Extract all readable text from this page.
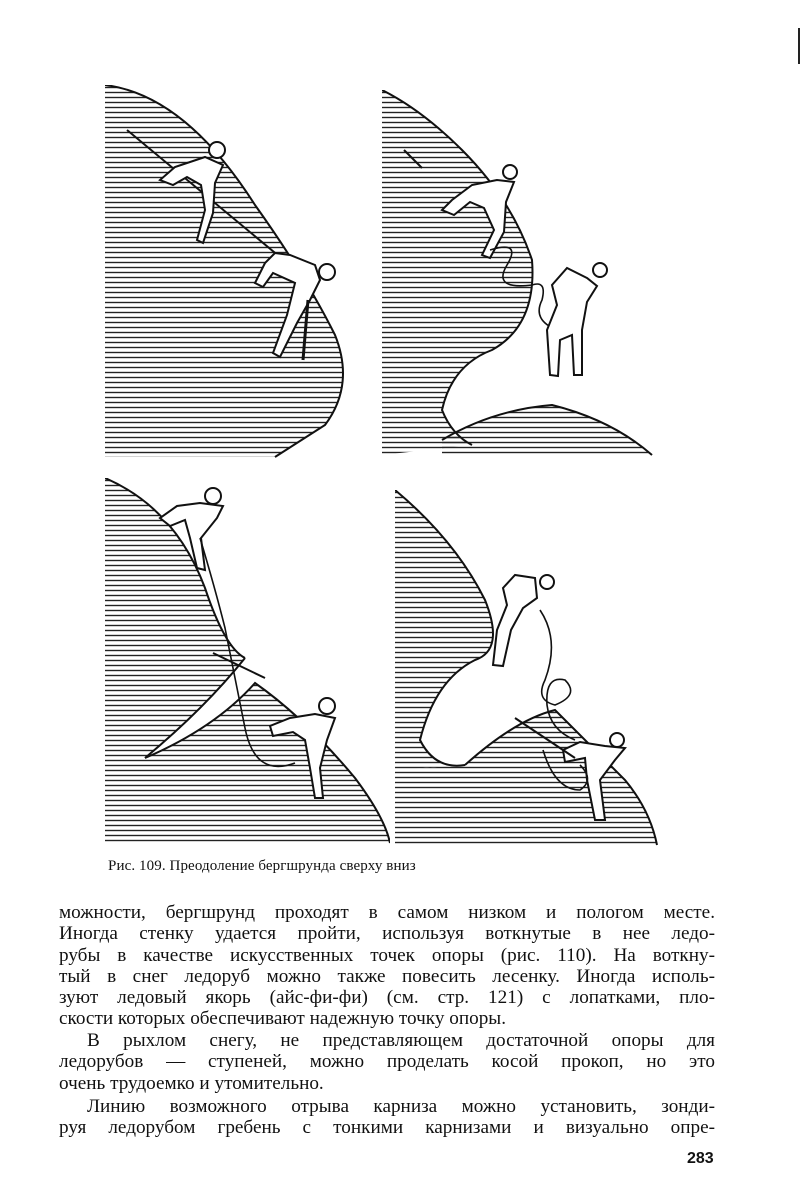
Рис. 109. Преодоление бергшрунда сверху вниз
можности, бергшрунд проходят в самом низком и пологом месте.
Иногда стенку удается пройти, используя воткнутые в нее ледо-
рубы в качестве искусственных точек опоры (рис. 110). На воткну-
тый в снег ледоруб можно также повесить лесенку. Иногда исполь-
зуют ледовый якорь (айс-фи-фи) (см. стр. 121) с лопатками, пло-
скости которых обеспечивают надежную точку опоры.
В рыхлом снегу, не представляющем достаточной опоры для
ледорубов — ступеней, можно проделать косой прокоп, но это
очень трудоемко и утомительно.
Линию возможного отрыва карниза можно установить, зонди-
руя ледорубом гребень с тонкими карнизами и визуально опре-
283
